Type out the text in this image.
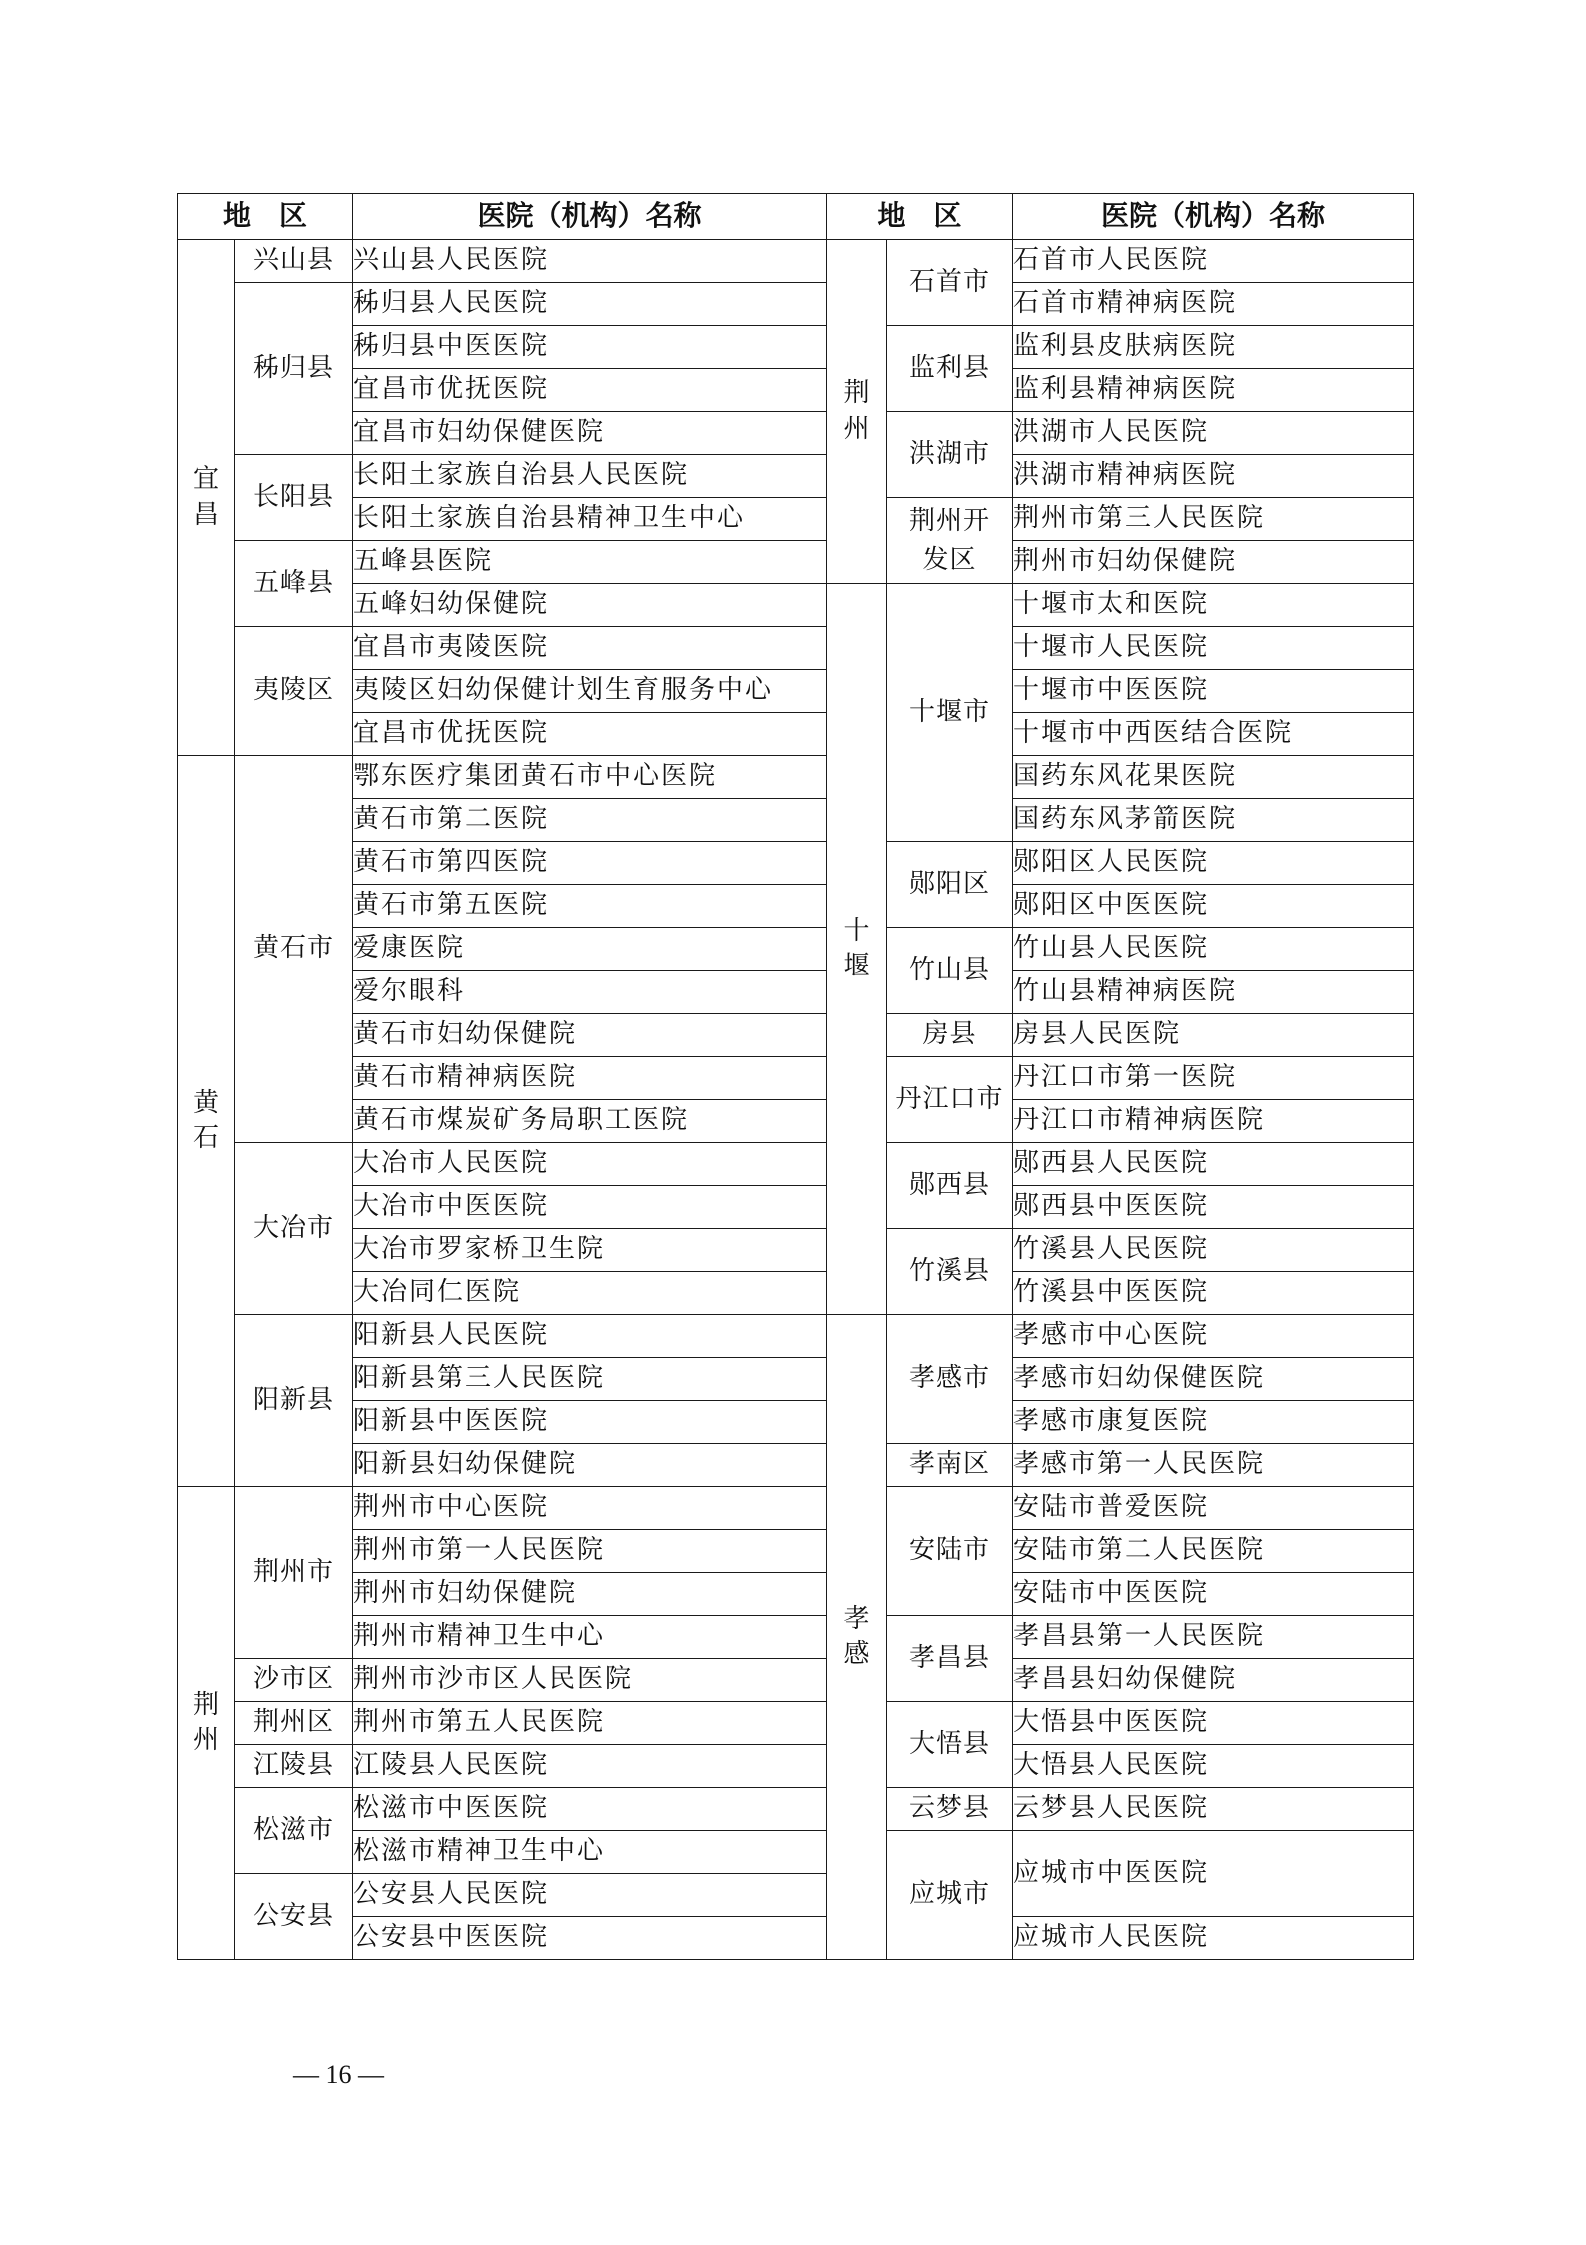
地　区		医院（机构）名称	地　区		医院（机构）名称
宜昌	兴山县	兴山县人民医院	荆州	石首市	石首市人民医院
	秭归县	秭归县人民医院			石首市精神病医院
		秭归县中医医院		监利县	监利县皮肤病医院
		宜昌市优抚医院			监利县精神病医院
		宜昌市妇幼保健医院		洪湖市	洪湖市人民医院
	长阳县	长阳土家族自治县人民医院			洪湖市精神病医院
		长阳土家族自治县精神卫生中心		荆州开发区	荆州市第三人民医院
	五峰县	五峰县医院			荆州市妇幼保健院
		五峰妇幼保健院	十堰	十堰市	十堰市太和医院
	夷陵区	宜昌市夷陵医院			十堰市人民医院
		夷陵区妇幼保健计划生育服务中心			十堰市中医医院
		宜昌市优抚医院			十堰市中西医结合医院
黄石	黄石市	鄂东医疗集团黄石市中心医院			国药东风花果医院
		黄石市第二医院			国药东风茅箭医院
		黄石市第四医院		郧阳区	郧阳区人民医院
		黄石市第五医院			郧阳区中医医院
		爱康医院		竹山县	竹山县人民医院
		爱尔眼科			竹山县精神病医院
		黄石市妇幼保健院		房县	房县人民医院
		黄石市精神病医院		丹江口市	丹江口市第一医院
		黄石市煤炭矿务局职工医院			丹江口市精神病医院
	大冶市	大冶市人民医院		郧西县	郧西县人民医院
		大冶市中医医院			郧西县中医医院
		大冶市罗家桥卫生院		竹溪县	竹溪县人民医院
		大冶同仁医院			竹溪县中医医院
	阳新县	阳新县人民医院	孝感	孝感市	孝感市中心医院
		阳新县第三人民医院			孝感市妇幼保健医院
		阳新县中医医院			孝感市康复医院
		阳新县妇幼保健院		孝南区	孝感市第一人民医院
荆州	荆州市	荆州市中心医院		安陆市	安陆市普爱医院
		荆州市第一人民医院			安陆市第二人民医院
		荆州市妇幼保健院			安陆市中医医院
		荆州市精神卫生中心		孝昌县	孝昌县第一人民医院
	沙市区	荆州市沙市区人民医院			孝昌县妇幼保健院
	荆州区	荆州市第五人民医院		大悟县	大悟县中医医院
	江陵县	江陵县人民医院			大悟县人民医院
	松滋市	松滋市中医医院		云梦县	云梦县人民医院
		松滋市精神卫生中心		应城市	应城市中医医院
	公安县	公安县人民医院			
		公安县中医医院			应城市人民医院
— 16 —
